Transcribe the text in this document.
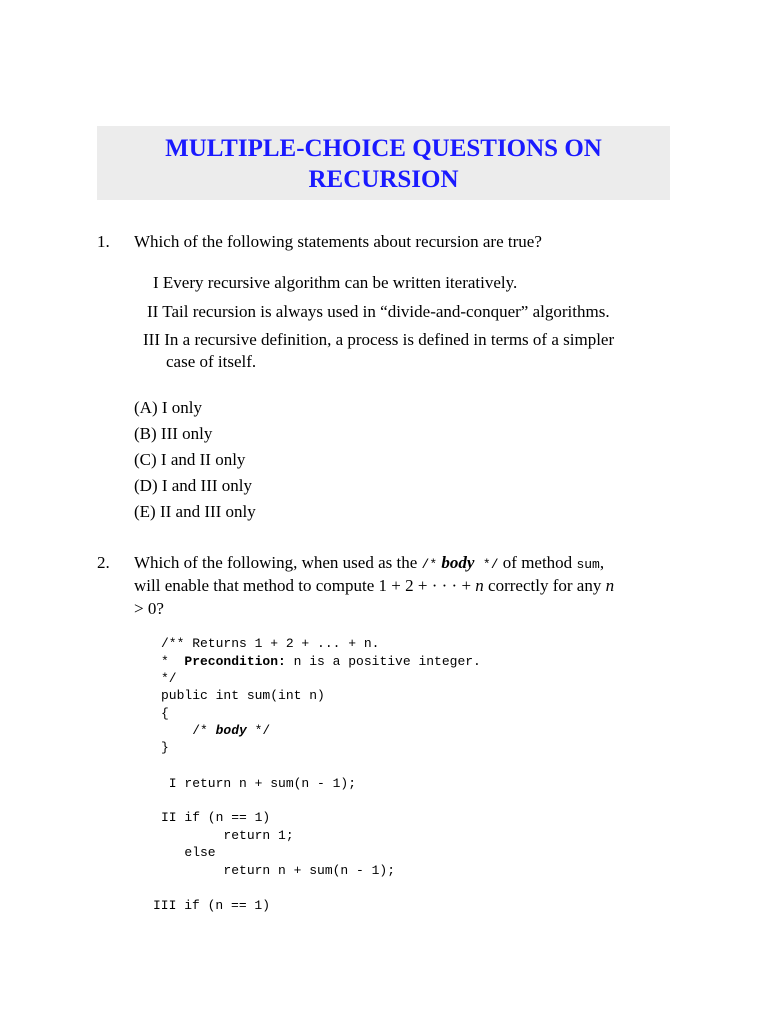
MULTIPLE-CHOICE QUESTIONS ON
RECURSION
1. Which of the following statements about recursion are true?
I Every recursive algorithm can be written iteratively.
II Tail recursion is always used in “divide-and-conquer” algorithms.
III In a recursive definition, a process is defined in terms of a simpler
case of itself.
(A) I only
(B) III only
(C) I and II only
(D) I and III only
(E) II and III only
2. Which of the following, when used as the /* body */ of method sum,
will enable that method to compute 1 + 2 + · · · + n correctly for any n
> 0?
/** Returns 1 + 2 + ... + n.
*  Precondition: n is a positive integer.
*/
public int sum(int n)
{
/* body */
}
I return n + sum(n - 1);
II if (n == 1)
return 1;
else
return n + sum(n - 1);
III if (n == 1)
